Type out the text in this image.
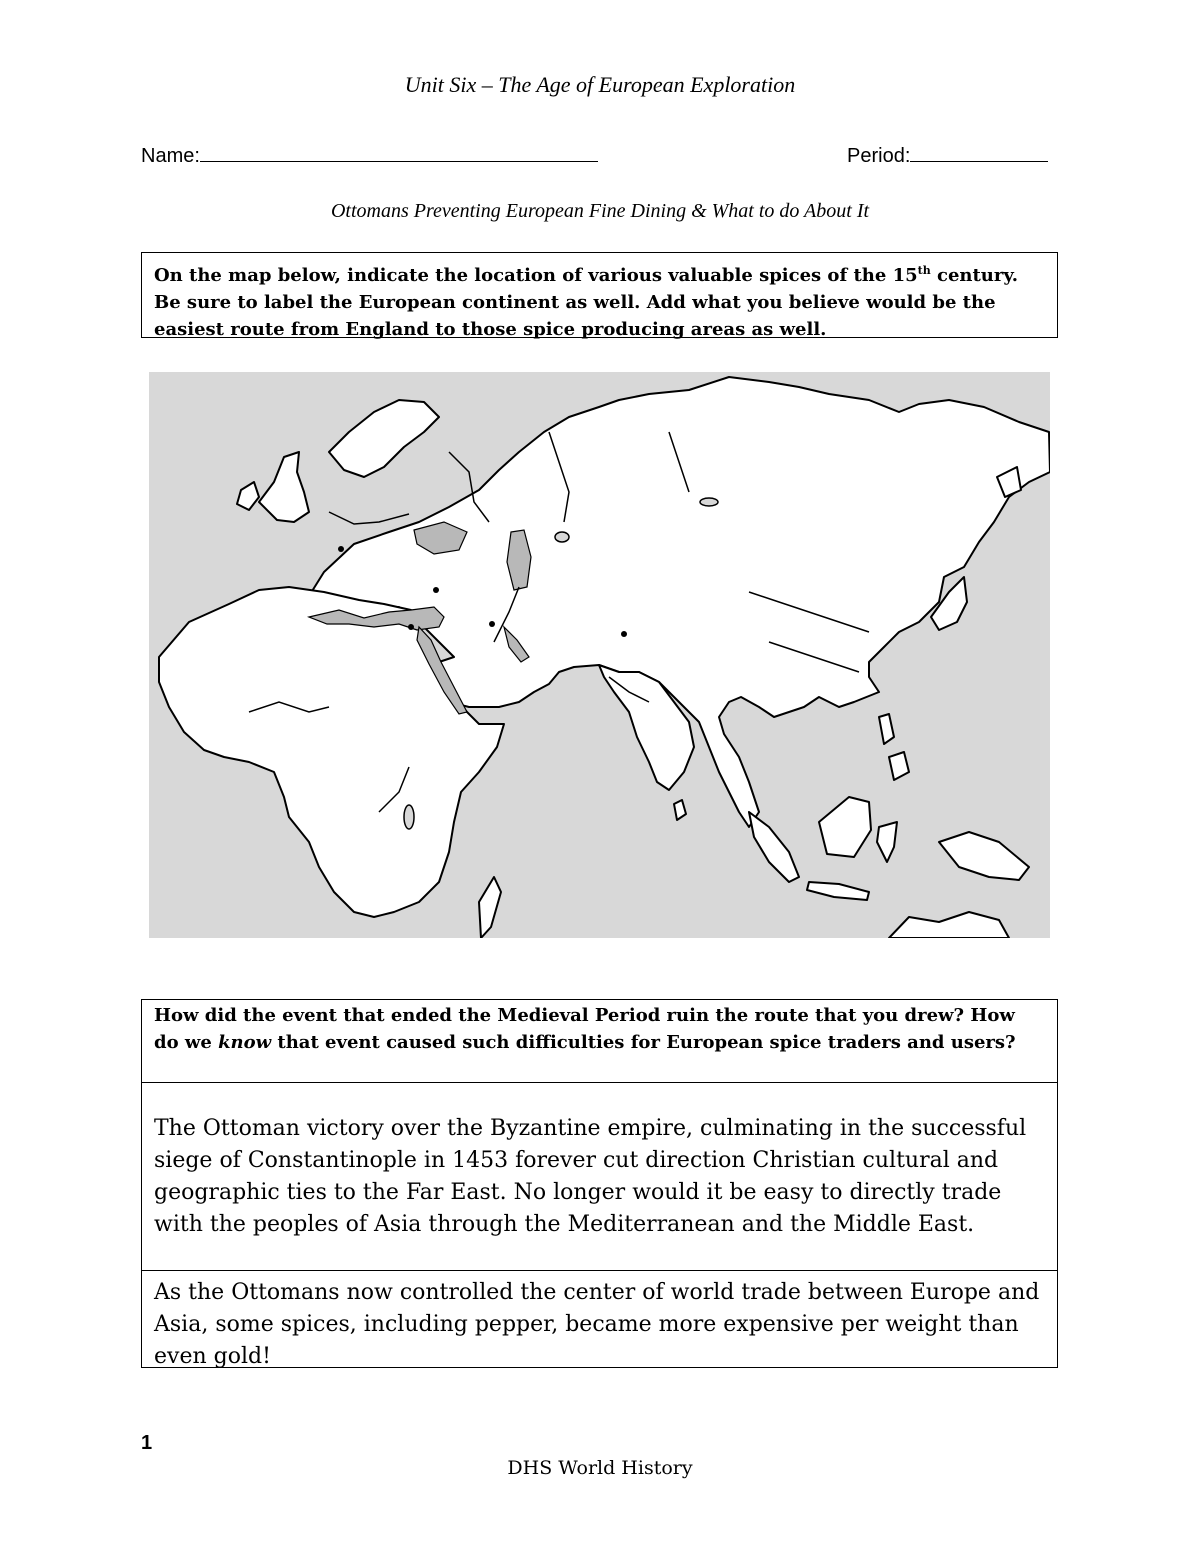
Unit Six – The Age of European Exploration
Name:	Period:
Ottomans Preventing European Fine Dining & What to do About It

On the map below, indicate the location of various valuable spices of the 15th century. Be sure to label the European continent as well. Add what you believe would be the easiest route from England to those spice producing areas as well.

How did the event that ended the Medieval Period ruin the route that you drew? How do we know that event caused such difficulties for European spice traders and users?

The Ottoman victory over the Byzantine empire, culminating in the successful siege of Constantinople in 1453 forever cut direction Christian cultural and geographic ties to the Far East. No longer would it be easy to directly trade with the peoples of Asia through the Mediterranean and the Middle East.

As the Ottomans now controlled the center of world trade between Europe and Asia, some spices, including pepper, became more expensive per weight than even gold!

1
DHS World History
